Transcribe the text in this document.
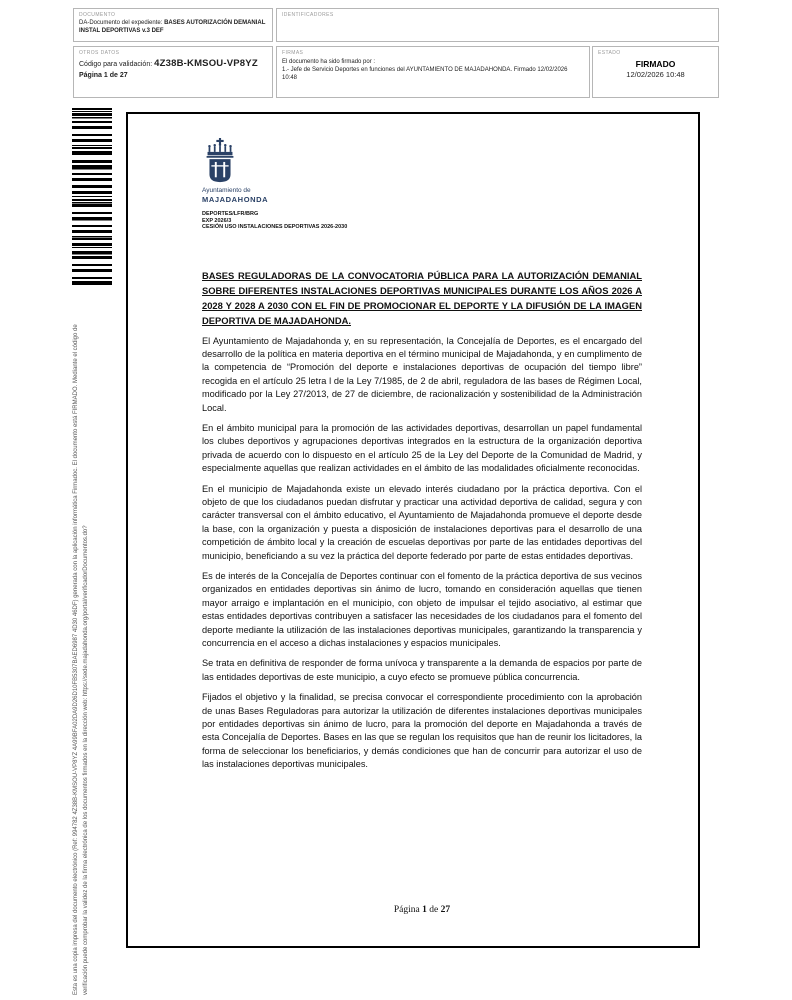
DOCUMENTO
DA-Documento del expediente: BASES AUTORIZACIÓN DEMANIAL INSTAL DEPORTIVAS v.3 DEF
IDENTIFICADORES
OTROS DATOS
Código para validación: 4Z38B-KMSOU-VP8YZ
Página 1 de 27
FIRMAS
El documento ha sido firmado por :
1.- Jefe de Servicio Deportes en funciones del AYUNTAMIENTO DE MAJADAHONDA. Firmado 12/02/2026 10:48
ESTADO
FIRMADO
12/02/2026 10:48
Esta es una copia impresa del documento electrónico (Ref: 994782 4Z38B-KMSOU-VP8YZ 4A99BFA02DA9D26D10FB5307BAED6987 4D30 46DF) generada con la aplicación informática Firmadoc. El documento está FIRMADO. Mediante el código de verificación puede comprobar la validez de la firma electrónica de los documentos firmados en la dirección web: https://sede.majadahonda.org/portal/verificadorDocumentos.do?
Ayuntamiento de
MAJADAHONDA
DEPORTES/LFR/BRG
EXP 2026/3
CESIÓN USO INSTALACIONES DEPORTIVAS 2026-2030
BASES REGULADORAS DE LA CONVOCATORIA PÚBLICA PARA LA AUTORIZACIÓN DEMANIAL SOBRE DIFERENTES INSTALACIONES DEPORTIVAS MUNICIPALES DURANTE LOS AÑOS 2026 A 2028 Y 2028 A 2030 CON EL FIN DE PROMOCIONAR EL DEPORTE Y LA DIFUSIÓN DE LA IMAGEN DEPORTIVA DE MAJADAHONDA.

El Ayuntamiento de Majadahonda y, en su representación, la Concejalía de Deportes, es el encargado del desarrollo de la política en materia deportiva en el término municipal de Majadahonda, y en cumplimento de la competencia de “Promoción del deporte e instalaciones deportivas de ocupación del tiempo libre” recogida en el artículo 25 letra l de la Ley 7/1985, de 2 de abril, reguladora de las bases de Régimen Local, modificado por la Ley 27/2013, de 27 de diciembre, de racionalización y sostenibilidad de la Administración Local.

En el ámbito municipal para la promoción de las actividades deportivas, desarrollan un papel fundamental los clubes deportivos y agrupaciones deportivas integrados en la estructura de la organización deportiva privada de acuerdo con lo dispuesto en el artículo 25 de la Ley del Deporte de la Comunidad de Madrid, y especialmente aquellas que realizan actividades en el ámbito de las modalidades oficialmente reconocidas.

En el municipio de Majadahonda existe un elevado interés ciudadano por la práctica deportiva. Con el objeto de que los ciudadanos puedan disfrutar y practicar una actividad deportiva de calidad, segura y con carácter transversal con el ámbito educativo, el Ayuntamiento de Majadahonda promueve el deporte desde la base, con la organización y puesta a disposición de instalaciones deportivas para el desarrollo de una competición de ámbito local y la creación de escuelas deportivas por parte de las entidades deportivas del municipio, beneficiando a su vez la práctica del deporte federado por parte de estas entidades deportivas.

Es de interés de la Concejalía de Deportes continuar con el fomento de la práctica deportiva de sus vecinos organizados en entidades deportivas sin ánimo de lucro, tomando en consideración aquellas que tienen mayor arraigo e implantación en el municipio, con objeto de impulsar el tejido asociativo, al estimar que estas entidades deportivas contribuyen a satisfacer las necesidades de los ciudadanos para el fomento del deporte mediante la utilización de las instalaciones deportivas municipales, garantizando la transparencia y concurrencia en el acceso a dichas instalaciones y espacios municipales.

Se trata en definitiva de responder de forma unívoca y transparente a la demanda de espacios por parte de las entidades deportivas de este municipio, a cuyo efecto se promueve pública concurrencia.

Fijados el objetivo y la finalidad, se precisa convocar el correspondiente procedimiento con la aprobación de unas Bases Reguladoras para autorizar la utilización de diferentes instalaciones deportivas municipales por entidades deportivas sin ánimo de lucro, para la promoción del deporte en Majadahonda a través de esta Concejalía de Deportes. Bases en las que se regulan los requisitos que han de reunir los licitadores, la forma de seleccionar los beneficiarios, y demás condiciones que han de concurrir para autorizar el uso de las instalaciones deportivas municipales.

Página 1 de 27
